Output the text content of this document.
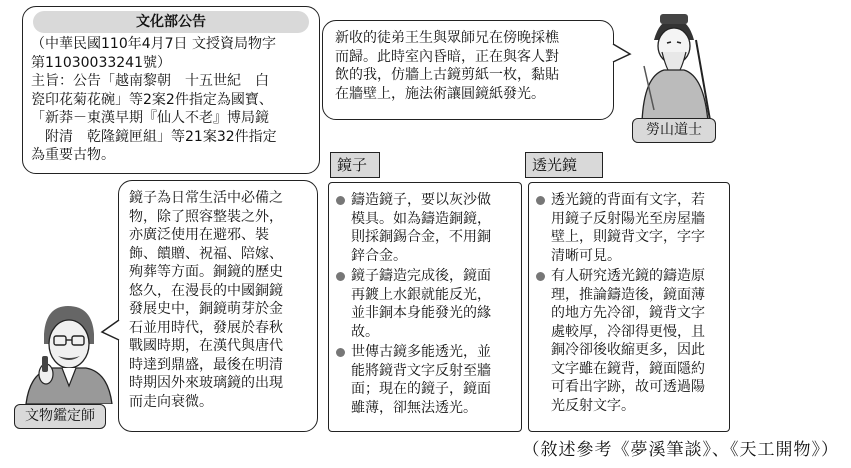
文化部公告

（中華民國110年4月7日 文授資局物字

第11030033241號）

主旨：公告「越南黎朝　十五世紀　白

瓷印花菊花碗」等2案2件指定為國寶、

「新莽－東漢早期『仙人不老』博局鏡

　附清　乾隆鏡匣組」等21案32件指定

為重要古物。

新收的徒弟王生與眾師兄在傍晚採樵

而歸。此時室內昏暗，正在與客人對

飲的我，仿牆上古鏡剪紙一枚，黏貼

在牆壁上，施法術讓圓鏡紙發光。

勞山道士

鏡子為日常生活中必備之

物，除了照容整裝之外，

亦廣泛使用在避邪、裝

飾、饋贈、祝福、陪嫁、

殉葬等方面。銅鏡的歷史

悠久，在漫長的中國銅鏡

發展史中，銅鏡萌芽於金

石並用時代，發展於春秋

戰國時期，在漢代與唐代

時達到鼎盛，最後在明清

時期因外來玻璃鏡的出現

而走向衰微。

文物鑑定師
鏡子
鑄造鏡子，要以灰沙做
模具。如為鑄造銅鏡，
則採銅錫合金，不用銅
鋅合金。
鏡子鑄造完成後，鏡面
再鍍上水銀就能反光，
並非銅本身能發光的緣
故。
世傳古鏡多能透光，並
能將鏡背文字反射至牆
面；現在的鏡子，鏡面
雖薄，卻無法透光。
透光鏡
透光鏡的背面有文字，若
用鏡子反射陽光至房屋牆
壁上，則鏡背文字，字字
清晰可見。
有人研究透光鏡的鑄造原
理，推論鑄造後，鏡面薄
的地方先冷卻，鏡背文字
處較厚，冷卻得更慢，且
銅冷卻後收縮更多，因此
文字雖在鏡背，鏡面隱約
可看出字跡，故可透過陽
光反射文字。
（敘述參考《夢溪筆談》、《天工開物》）
